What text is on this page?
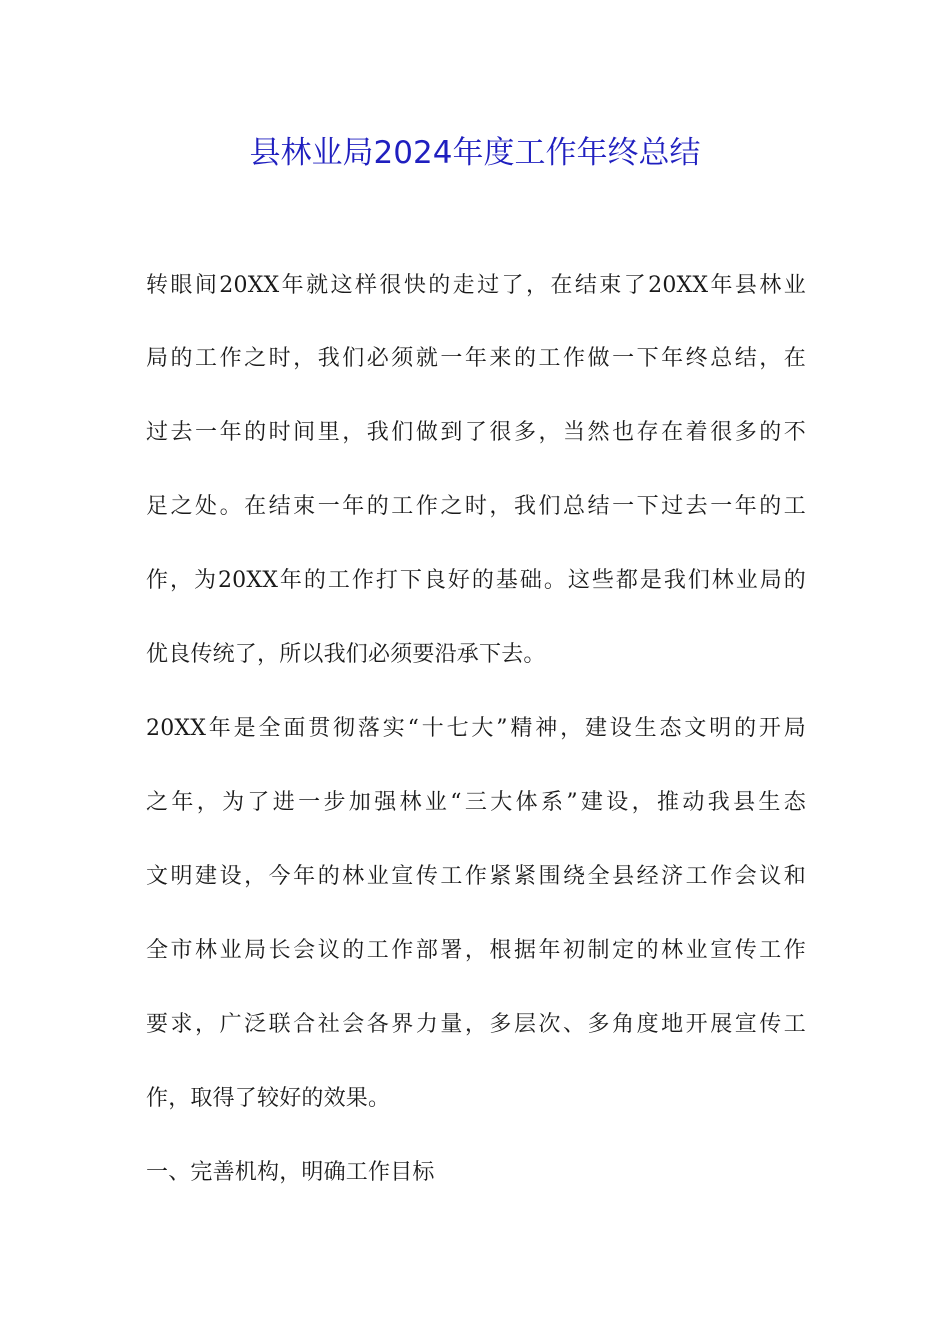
县林业局2024年度工作年终总结

转眼间20XX年就这样很快的走过了，在结束了20XX年县林业

局的工作之时，我们必须就一年来的工作做一下年终总结，在

过去一年的时间里，我们做到了很多，当然也存在着很多的不

足之处。在结束一年的工作之时，我们总结一下过去一年的工

作，为20XX年的工作打下良好的基础。这些都是我们林业局的

优良传统了，所以我们必须要沿承下去。

20XX年是全面贯彻落实“十七大”精神，建设生态文明的开局

之年，为了进一步加强林业“三大体系”建设，推动我县生态

文明建设，今年的林业宣传工作紧紧围绕全县经济工作会议和

全市林业局长会议的工作部署，根据年初制定的林业宣传工作

要求，广泛联合社会各界力量，多层次、多角度地开展宣传工

作，取得了较好的效果。

一、完善机构，明确工作目标
